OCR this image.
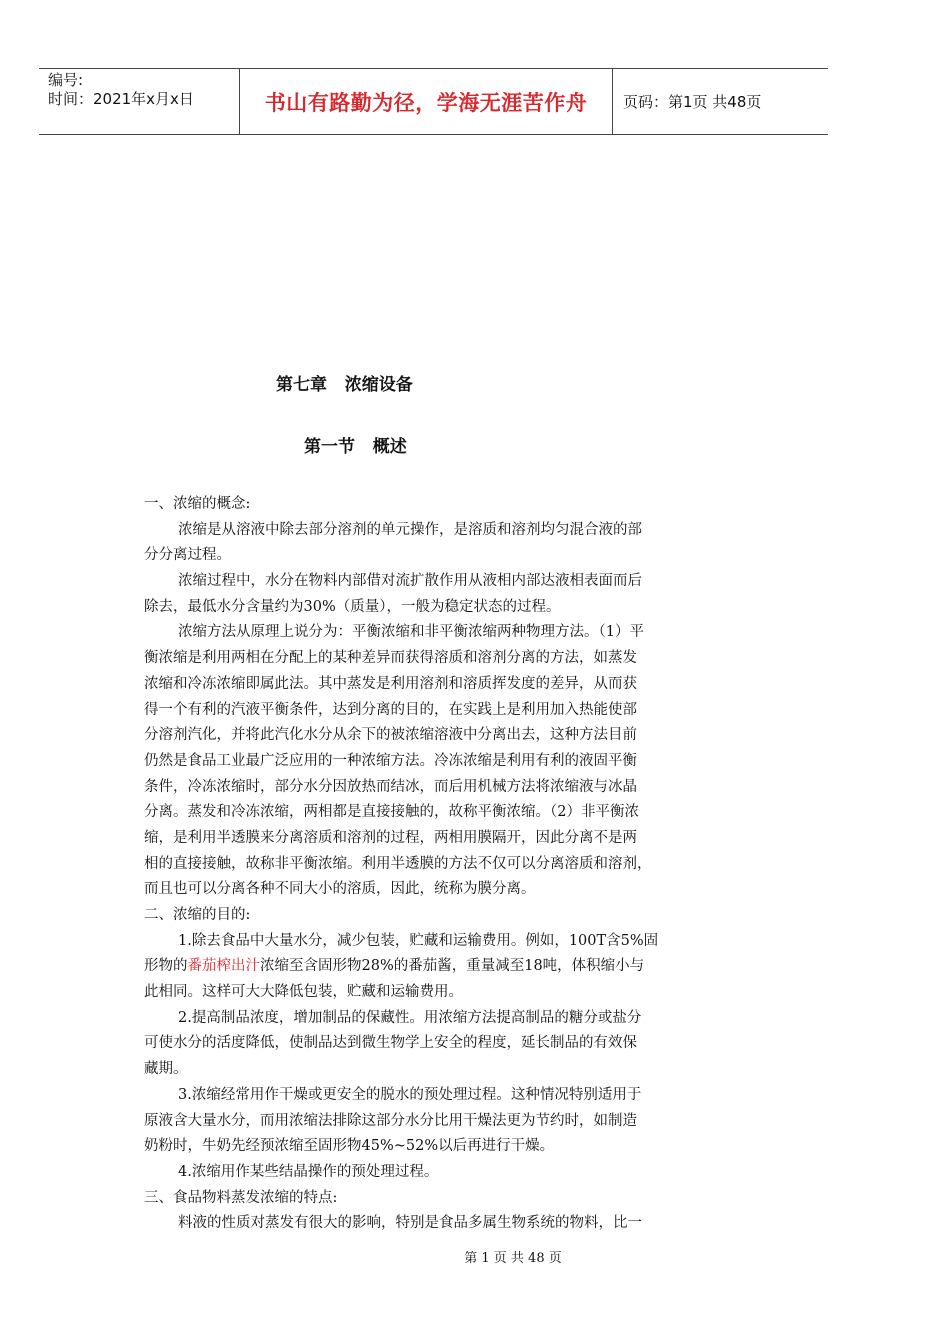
编号:
时间：2021年x月x日	书山有路勤为径，学海无涯苦作舟 页码：第1页 共48页
第七章   浓缩设备
第一节   概述
一、浓缩的概念:
浓缩是从溶液中除去部分溶剂的单元操作，是溶质和溶剂均匀混合液的部
分分离过程。
浓缩过程中，水分在物料内部借对流扩散作用从液相内部达液相表面而后
除去，最低水分含量约为30%（质量），一般为稳定状态的过程。
浓缩方法从原理上说分为：平衡浓缩和非平衡浓缩两种物理方法。（1）平
衡浓缩是利用两相在分配上的某种差异而获得溶质和溶剂分离的方法，如蒸发
浓缩和冷冻浓缩即属此法。其中蒸发是利用溶剂和溶质挥发度的差异，从而获
得一个有利的汽液平衡条件，达到分离的目的，在实践上是利用加入热能使部
分溶剂汽化，并将此汽化水分从余下的被浓缩溶液中分离出去，这种方法目前
仍然是食品工业最广泛应用的一种浓缩方法。冷冻浓缩是利用有利的液固平衡
条件，冷冻浓缩时，部分水分因放热而结冰，而后用机械方法将浓缩液与冰晶
分离。蒸发和冷冻浓缩，两相都是直接接触的，故称平衡浓缩。（2）非平衡浓
缩，是利用半透膜来分离溶质和溶剂的过程，两相用膜隔开，因此分离不是两
相的直接接触，故称非平衡浓缩。利用半透膜的方法不仅可以分离溶质和溶剂，
而且也可以分离各种不同大小的溶质，因此，统称为膜分离。
二、浓缩的目的:
1.除去食品中大量水分，减少包装，贮藏和运输费用。例如，100T含5%固
形物的番茄榨出汁浓缩至含固形物28%的番茄酱，重量减至18吨，体积缩小与
此相同。这样可大大降低包装，贮藏和运输费用。
2.提高制品浓度，增加制品的保藏性。用浓缩方法提高制品的糖分或盐分
可使水分的活度降低，使制品达到微生物学上安全的程度，延长制品的有效保
藏期。
3.浓缩经常用作干燥或更安全的脱水的预处理过程。这种情况特别适用于
原液含大量水分，而用浓缩法排除这部分水分比用干燥法更为节约时，如制造
奶粉时，牛奶先经预浓缩至固形物45%~52%以后再进行干燥。
4.浓缩用作某些结晶操作的预处理过程。
三、食品物料蒸发浓缩的特点:
料液的性质对蒸发有很大的影响，特别是食品多属生物系统的物料，比一
第 1 页 共 48 页
